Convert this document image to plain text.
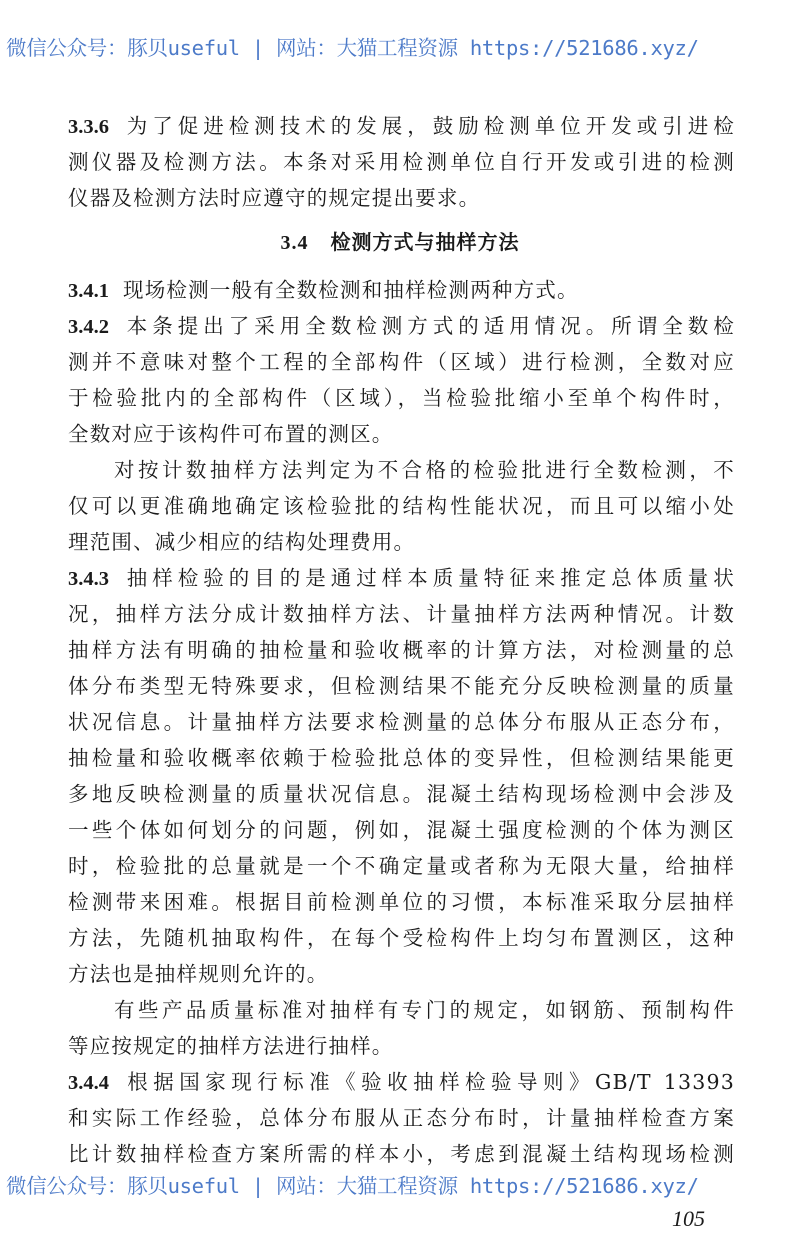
微信公众号：豚贝useful | 网站：大猫工程资源 https://521686.xyz/
3.4 检测方式与抽样方法
3.3.6 为了促进检测技术的发展，鼓励检测单位开发或引进检
测仪器及检测方法。本条对采用检测单位自行开发或引进的检测
仪器及检测方法时应遵守的规定提出要求。
3.4.1 现场检测一般有全数检测和抽样检测两种方式。
3.4.2 本条提出了采用全数检测方式的适用情况。所谓全数检
测并不意味对整个工程的全部构件（区域）进行检测，全数对应
于检验批内的全部构件（区域），当检验批缩小至单个构件时，
全数对应于该构件可布置的测区。
对按计数抽样方法判定为不合格的检验批进行全数检测，不
仅可以更准确地确定该检验批的结构性能状况，而且可以缩小处
理范围、减少相应的结构处理费用。
3.4.3 抽样检验的目的是通过样本质量特征来推定总体质量状
况，抽样方法分成计数抽样方法、计量抽样方法两种情况。计数
抽样方法有明确的抽检量和验收概率的计算方法，对检测量的总
体分布类型无特殊要求，但检测结果不能充分反映检测量的质量
状况信息。计量抽样方法要求检测量的总体分布服从正态分布，
抽检量和验收概率依赖于检验批总体的变异性，但检测结果能更
多地反映检测量的质量状况信息。混凝土结构现场检测中会涉及
一些个体如何划分的问题，例如，混凝土强度检测的个体为测区
时，检验批的总量就是一个不确定量或者称为无限大量，给抽样
检测带来困难。根据目前检测单位的习惯，本标准采取分层抽样
方法，先随机抽取构件，在每个受检构件上均匀布置测区，这种
方法也是抽样规则允许的。
有些产品质量标准对抽样有专门的规定，如钢筋、预制构件
等应按规定的抽样方法进行抽样。
3.4.4 根据国家现行标准《验收抽样检验导则》GB/T 13393
和实际工作经验，总体分布服从正态分布时，计量抽样检查方案
比计数抽样检查方案所需的样本小，考虑到混凝土结构现场检测
微信公众号：豚贝useful | 网站：大猫工程资源 https://521686.xyz/
105
